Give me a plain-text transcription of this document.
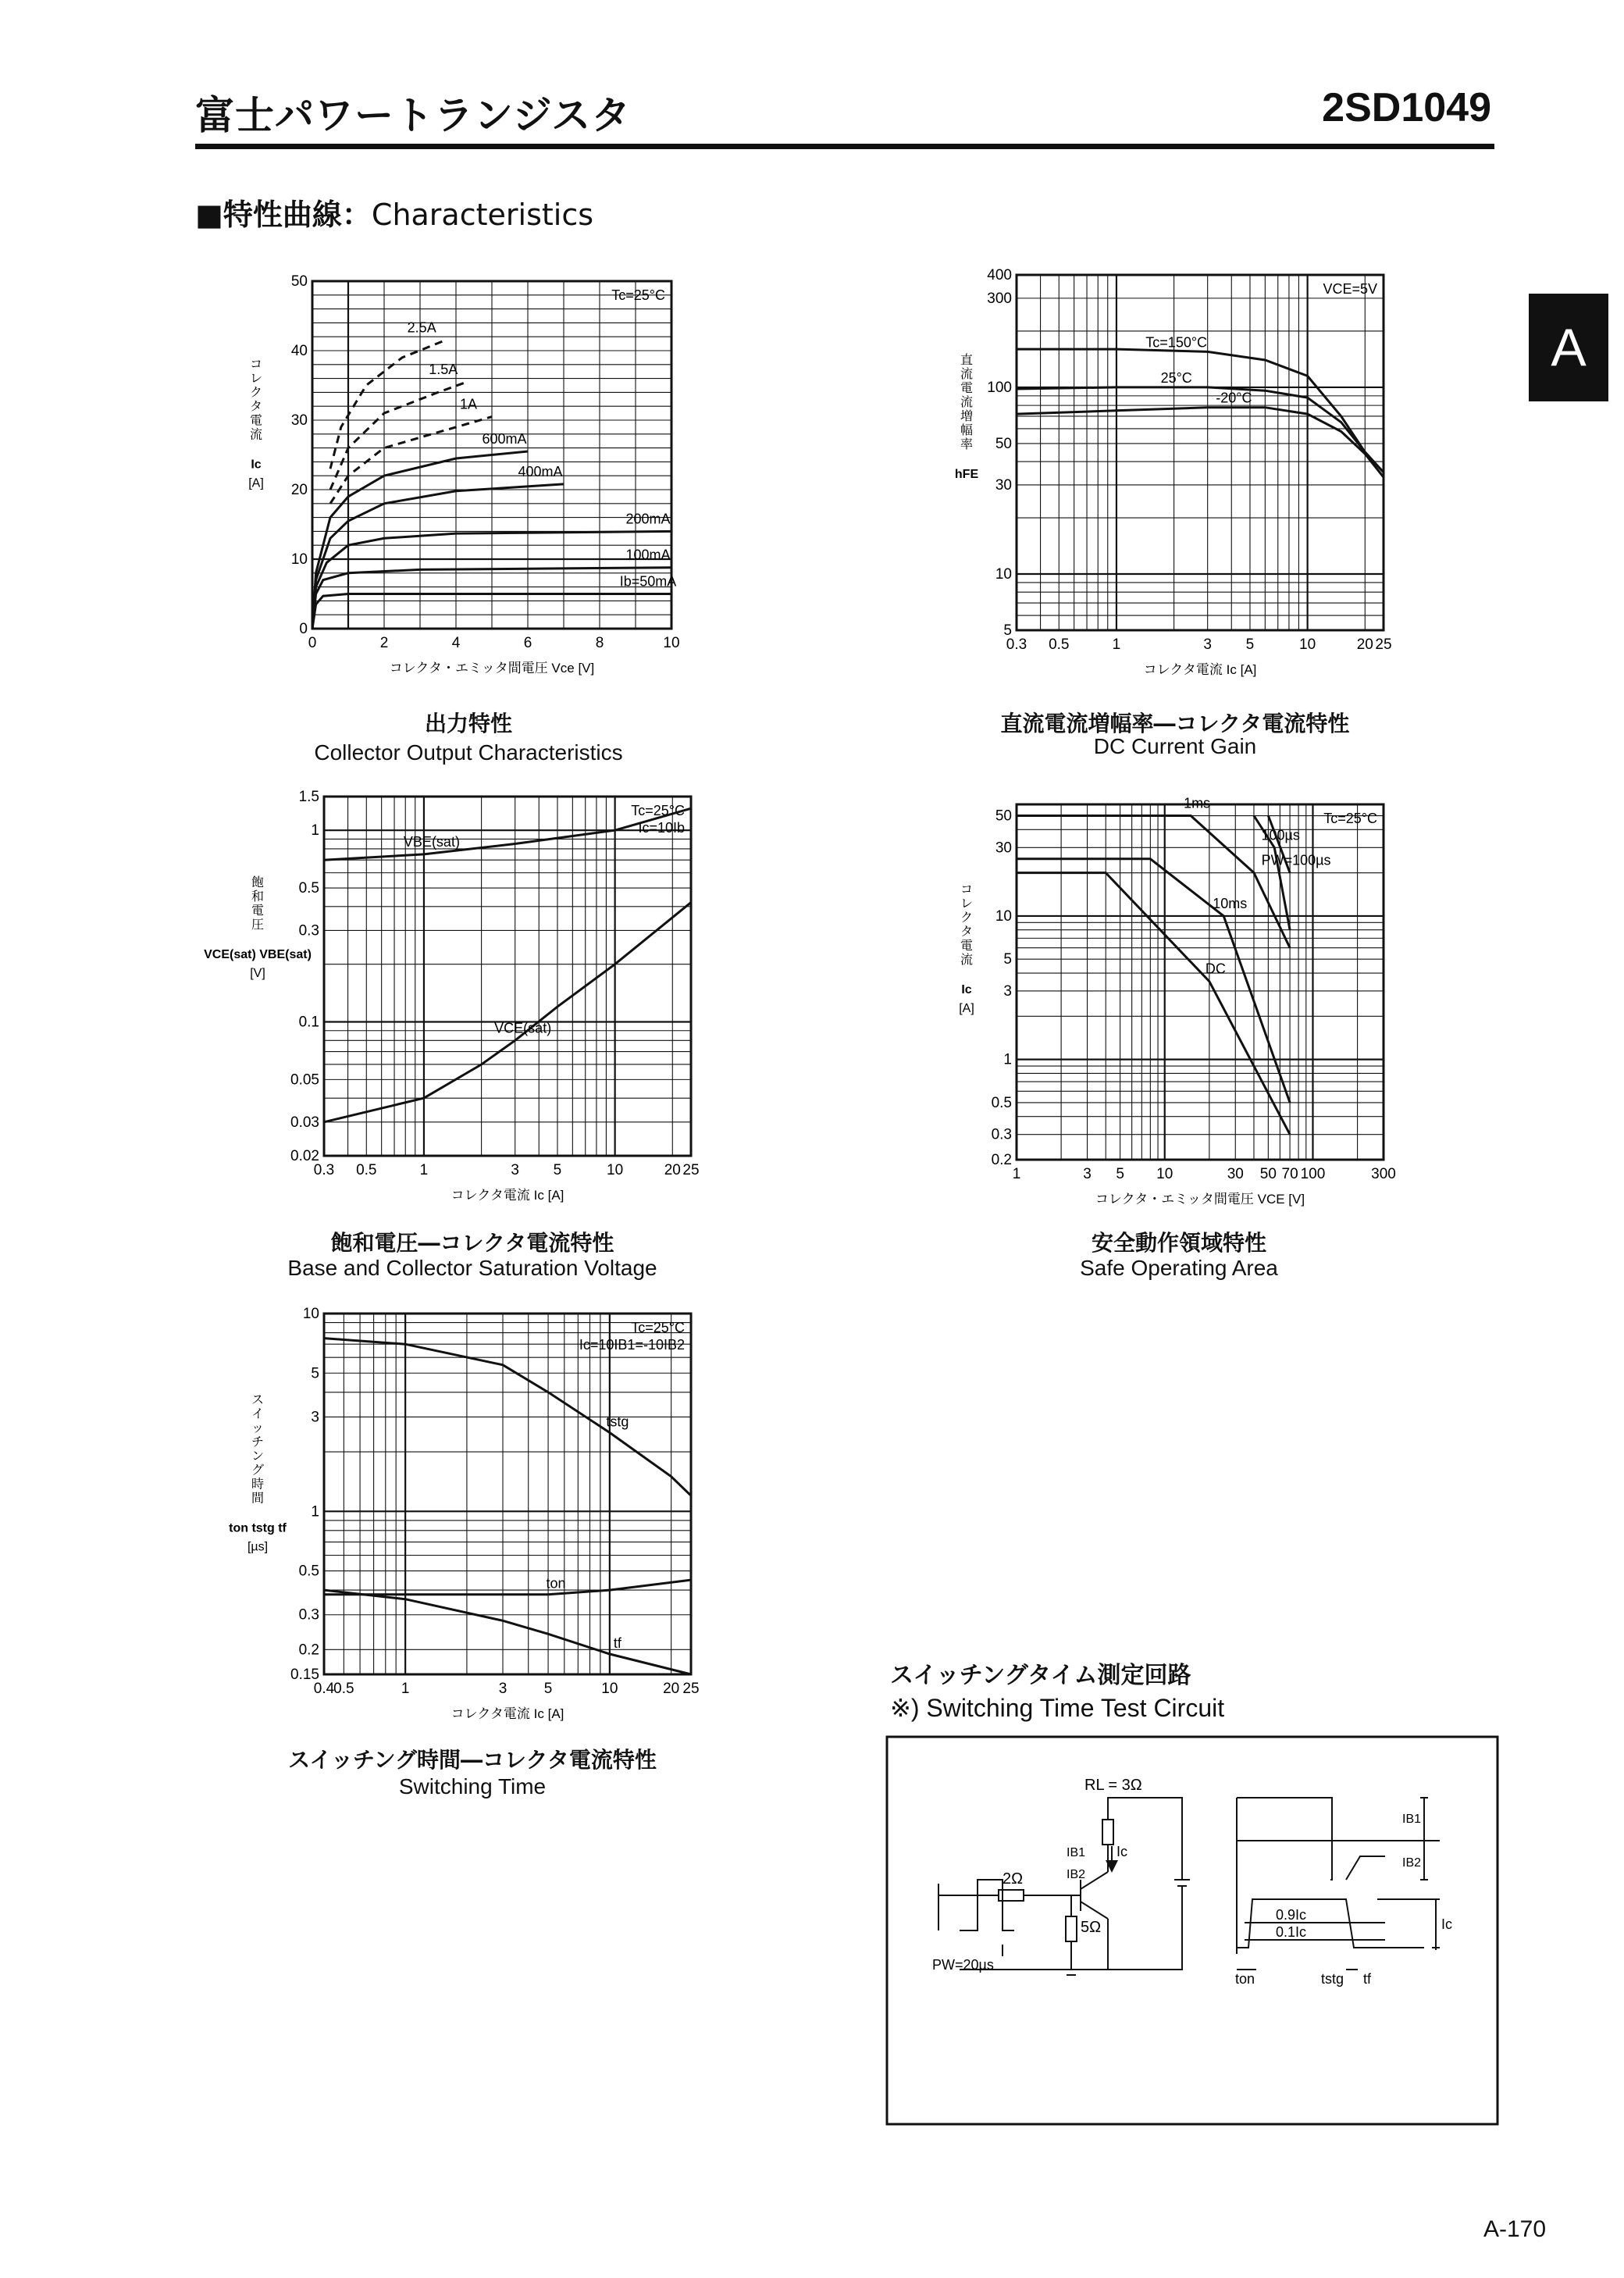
富士パワートランジスタ	2SD1049
■特性曲線：Characteristics
A
0	2	4	6	8	10
0
10
20
30
40
50
コレクタ・エミッタ間電圧 Vce [V]
コ
レ
ク
タ
電
流
Ic
[A]
Tc=25°C
Ib=50mA
100mA
200mA
400mA
600mA
1A
1.5A
2.5A
出力特性
Collector Output Characteristics
0.3 0.5	1	3 5	10	20 25
5
10
30
50
100
300
400
コレクタ電流 Ic [A]
直
流
電
流
増
幅
率
hFE
VCE=5V
Tc=150°C
25°C
-20°C
直流電流増幅率―コレクタ電流特性
DC Current Gain
0.3 0.5	1	3 5	10	20 25
0.02
0.03
0.05
0.1
0.3
0.5
1
1.5
コレクタ電流 Ic [A]
飽
和
電
圧
VCE(sat) VBE(sat)
[V]
Tc=25°C
Ic=10Ib
VBE(sat)
VCE(sat)
飽和電圧―コレクタ電流特性
Base and Collector Saturation Voltage
1	3 5 10	30 50 70 100	300
0.2
0.3
0.5
1
3
5
10
30
50
コレクタ・エミッタ間電圧 VCE [V]
コ
レ
ク
タ
電
流
Ic
[A]
Tc=25°C
DC
10ms
1ms
100µs
PW=100µs
安全動作領域特性
Safe Operating Area
0.4
0.5	1	3 5	10	20 25
0.15
0.2
0.3
0.5
1
3
5
10
コレクタ電流 Ic [A]
ス
イ
ッ
チ
ン
グ
時
間
ton tstg tf
[µs]
Tc=25°C
Ic=10IB1=-10IB2
tstg
ton
tf
スイッチング時間―コレクタ電流特性
Switching Time
スイッチングタイム測定回路
※) Switching Time Test Circuit
RL = 3Ω
2Ω
5Ω
IB1
IB2
Ic
PW=20µs
0.9Ic
0.1Ic
ton	tstg tf
IB1
IB2
Ic
A-170
